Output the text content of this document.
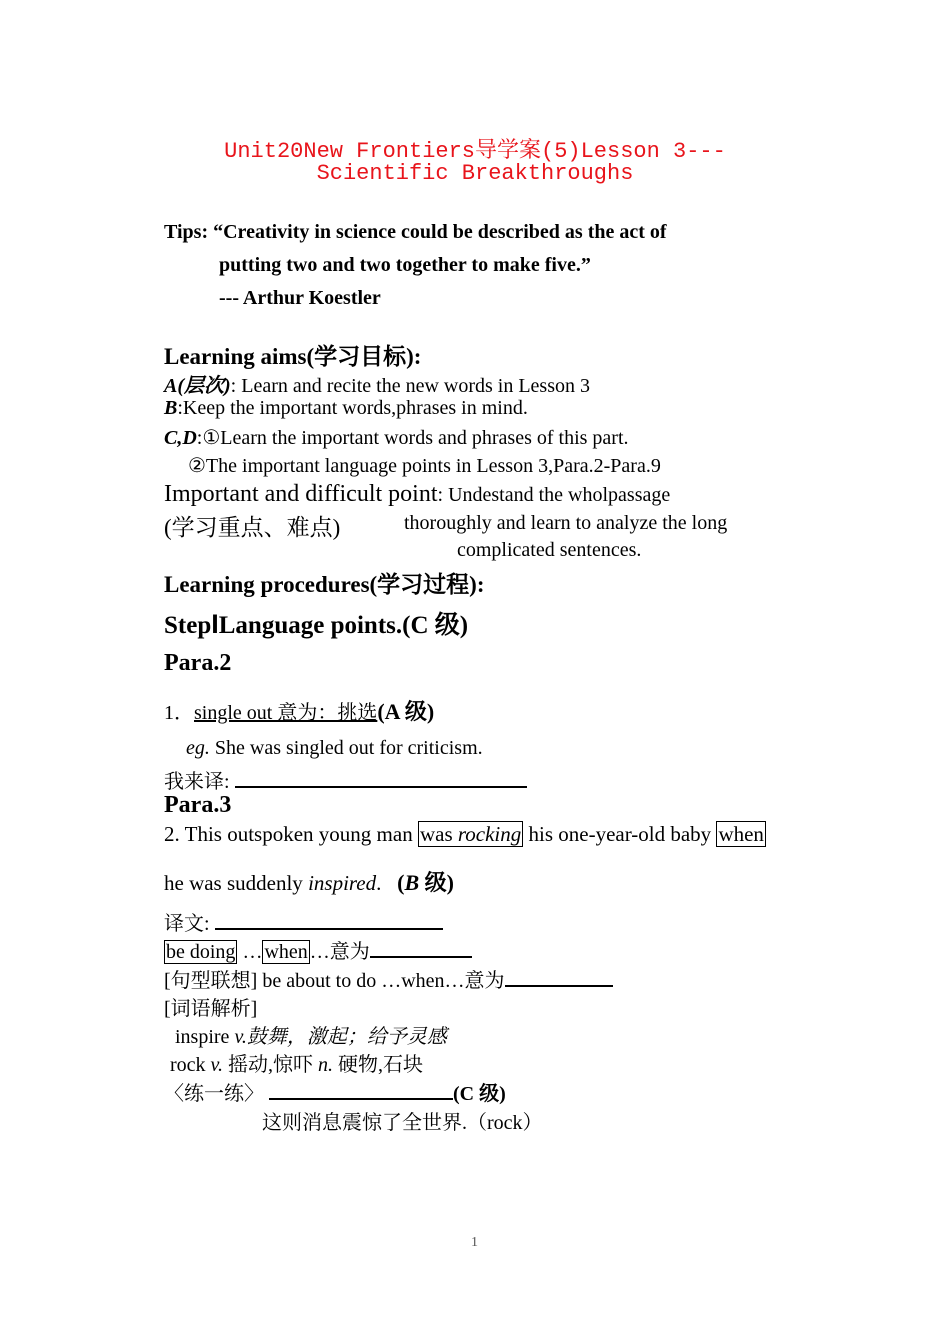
Unit20New Frontiers导学案(5)Lesson 3---
Scientific Breakthroughs
Tips: “Creativity in science could be described as the act of
putting two and two together to make five.”
--- Arthur Koestler
Learning aims(学习目标):
A(层次): Learn and recite the new words in Lesson 3
B:Keep the important words,phrases in mind.
C,D:①Learn the important words and phrases of this part.
②The important language points in Lesson 3,Para.2-Para.9
Important and difficult point: Undestand the wholpassage
(学习重点、难点)	thoroughly and learn to analyze the long
complicated sentences.
Learning procedures(学习过程):
StepILanguage points.(C 级)
Para.2
1．single out 意为：挑选(A 级)
eg. She was singled out for criticism.
我来译:
Para.3
2. This outspoken young man was rocking his one-year-old baby when
he was suddenly inspired. (B 级)
译文:
be doing … when …意为
[句型联想] be about to do …when…意为
[词语解析]
inspire v.鼓舞，激起；给予灵感
rock v. 摇动,惊吓 n. 硬物,石块
〈练一练〉	(C 级)
这则消息震惊了全世界.（rock）
1
